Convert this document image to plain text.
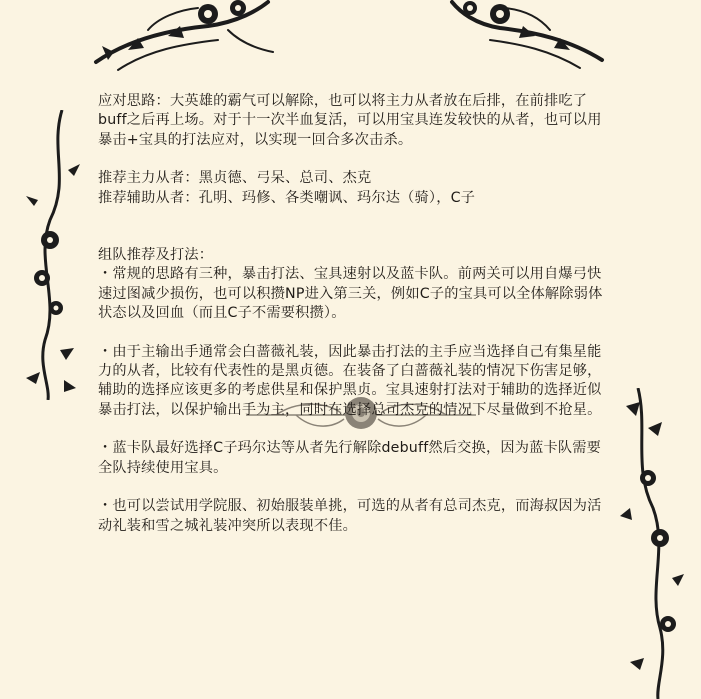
应对思路：大英雄的霸气可以解除，也可以将主力从者放在后排，在前排吃了buff之后再上场。对于十一次半血复活，可以用宝具连发较快的从者，也可以用暴击+宝具的打法应对，以实现一回合多次击杀。

推荐主力从者：黑贞德、弓呆、总司、杰克

推荐辅助从者：孔明、玛修、各类嘲讽、玛尔达（骑），C子

组队推荐及打法：

・常规的思路有三种，暴击打法、宝具速射以及蓝卡队。前两关可以用自爆弓快速过图减少损伤，也可以积攒NP进入第三关，例如C子的宝具可以全体解除弱体状态以及回血（而且C子不需要积攒）。

・由于主输出手通常会白蔷薇礼装，因此暴击打法的主手应当选择自己有集星能力的从者，比较有代表性的是黑贞德。在装备了白蔷薇礼装的情况下伤害足够，辅助的选择应该更多的考虑供星和保护黑贞。宝具速射打法对于辅助的选择近似暴击打法，以保护输出手为主，同时在选择总司杰克的情况下尽量做到不抢星。

・蓝卡队最好选择C子玛尔达等从者先行解除debuff然后交换，因为蓝卡队需要全队持续使用宝具。

・也可以尝试用学院服、初始服装单挑，可选的从者有总司杰克，而海叔因为活动礼装和雪之城礼装冲突所以表现不佳。
